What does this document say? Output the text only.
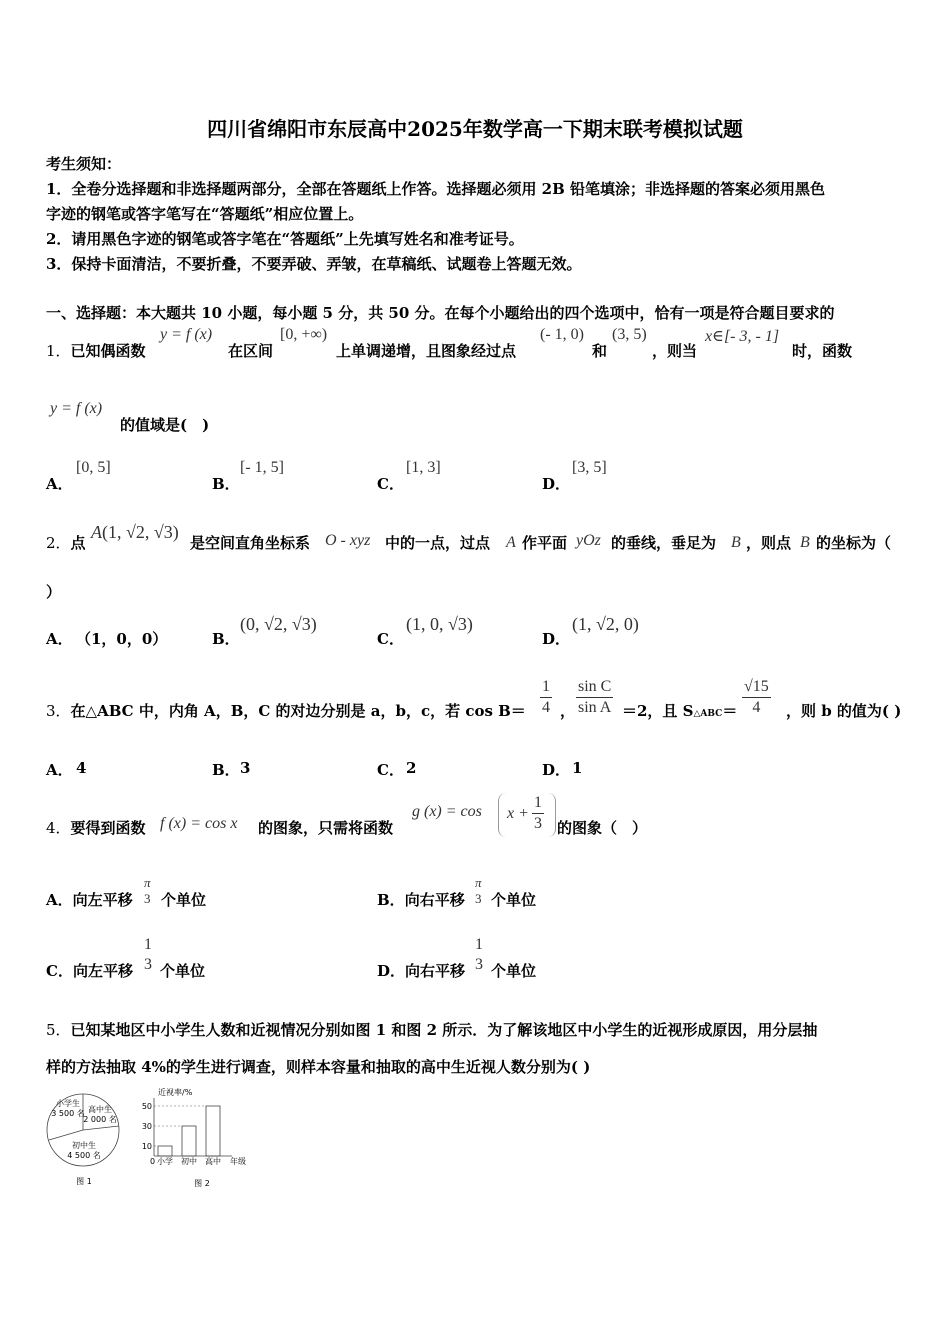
四川省绵阳市东辰高中2025年数学高一下期末联考模拟试题
考生须知：
1．全卷分选择题和非选择题两部分，全部在答题纸上作答。选择题必须用 2B 铅笔填涂；非选择题的答案必须用黑色
字迹的钢笔或答字笔写在“答题纸”相应位置上。
2．请用黑色字迹的钢笔或答字笔在“答题纸”上先填写姓名和准考证号。
3．保持卡面清洁，不要折叠，不要弄破、弄皱，在草稿纸、试题卷上答题无效。
一、选择题：本大题共 10 小题，每小题 5 分，共 50 分。在每个小题给出的四个选项中，恰有一项是符合题目要求的
1．已知偶函数
y = f (x)
在区间
[0, +∞)
上单调递增，且图象经过点
(- 1, 0)
和
(3, 5)
，则当
x∈[- 3, - 1]
时，函数
y = f (x)
的值域是(　)
A．
[0, 5]
B．
[- 1, 5]
C．
[1, 3]
D．
[3, 5]
2．点
A(1, √2, √3)
是空间直角坐标系 O - xyz 中的一点，过点 A 作平面 yOz 的垂线，垂足为 B ，则点 B 的坐标为（
）
A． （1，0，0）	B．
(0, √2, √3)
C．
(1, 0, √3)
D．
(1, √2, 0)
3．在△ABC 中，内角 A，B，C 的对边分别是 a，b，c，若 $\cos B= \frac{1}{4}$ ， $\frac{\text{sin C}}{\text{sin A}} =2$，且 S△ABC＝ $\frac{√15}{4}$ ，则 b 的值为( )
A． 4	B． 3	C． 2	D． 1
4．要得到函数 f (x) = cos x 的图象，只需将函数
g $(x) = \cos x + \frac{1}{3}$ 的图象（　）
A．向左平移
π
3 个单位	B．向右平移
π
3 个单位
C．向左平移
1
3 个单位	D．向右平移
1
3 个单位
5．已知某地区中小学生人数和近视情况分别如图 1 和图 2 所示．为了解该地区中小学生的近视形成原因，用分层抽
样的方法抽取 4%的学生进行调查，则样本容量和抽取的高中生近视人数分别为( )
小学生
3 500 名 高中生
2 000 名
初中生
4 500 名
图 1
近视率/%
0	年级
10
小学
30
初中
50
高中
图 2
